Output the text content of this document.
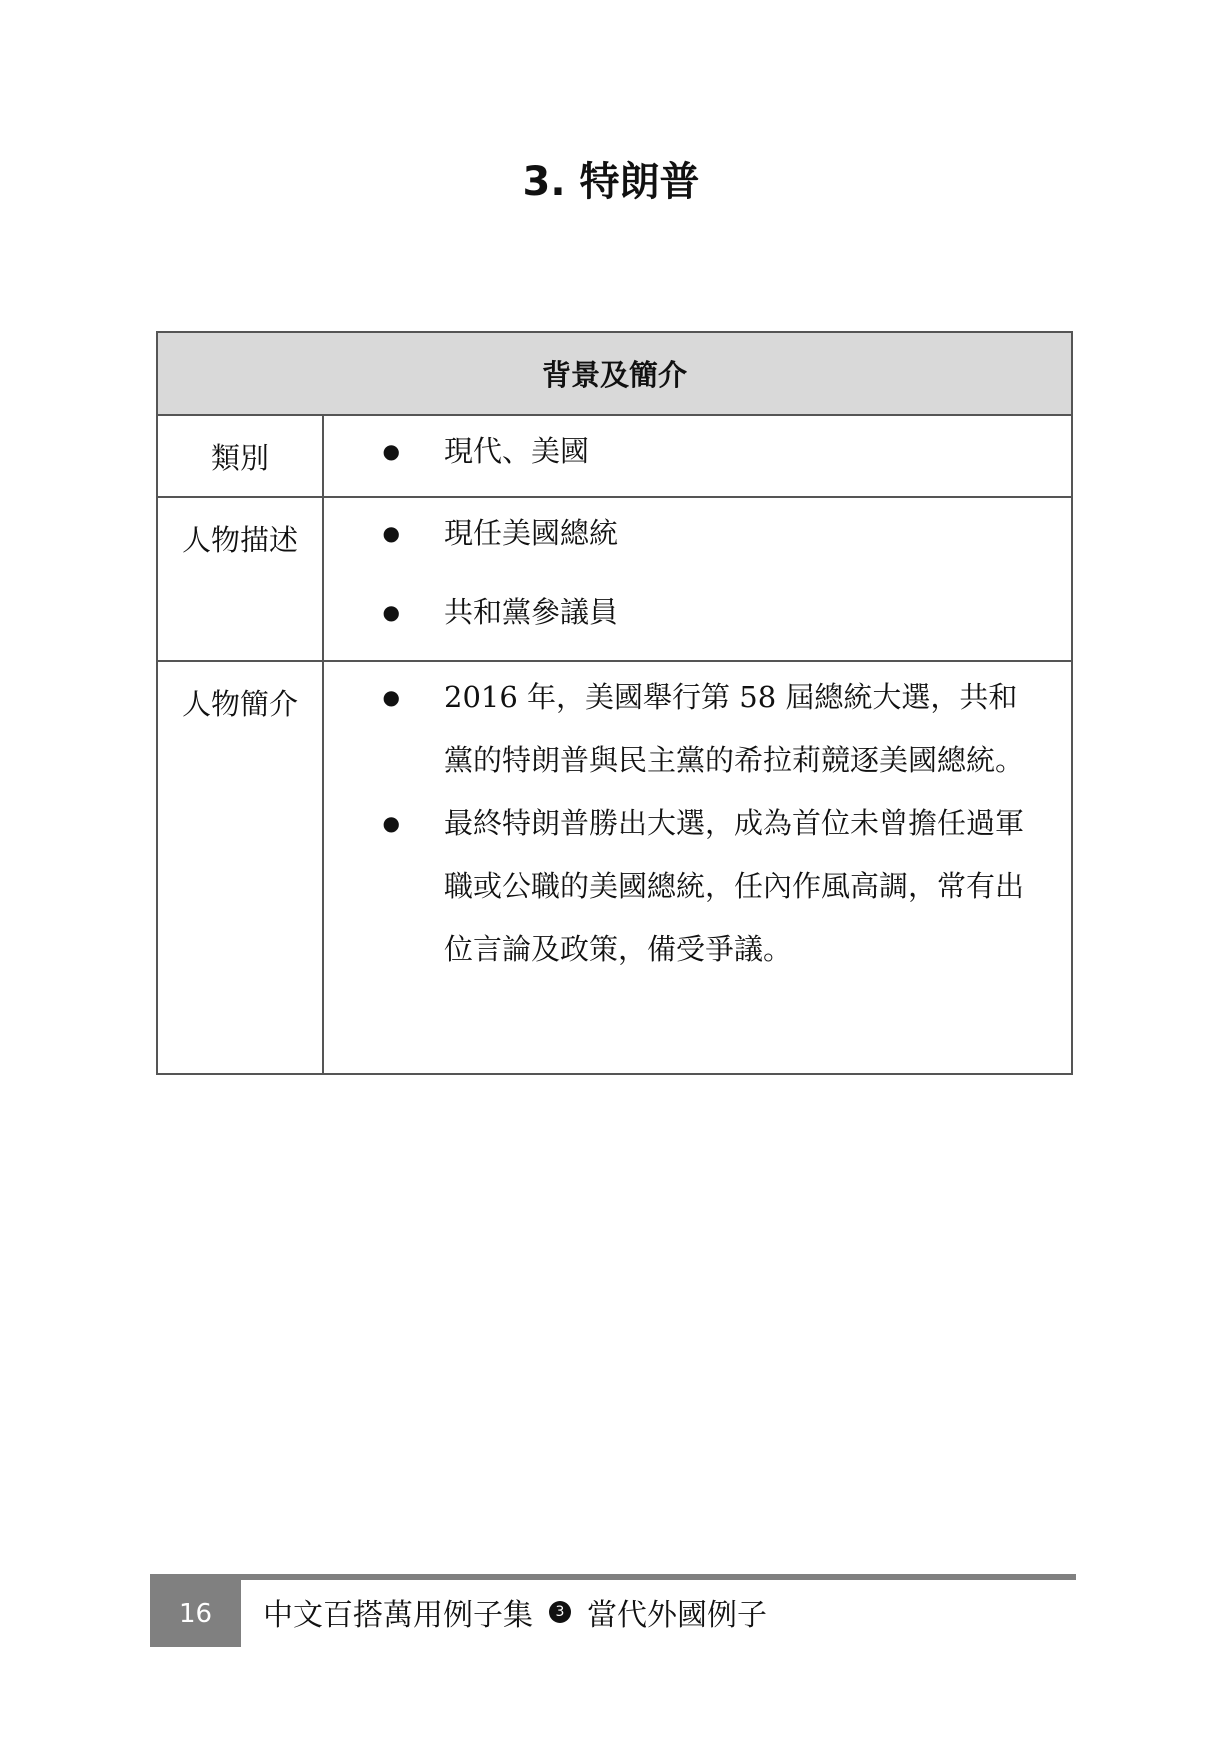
3. 特朗普
背景及簡介
類別	●	現代、美國
人物描述	●	現任美國總統
●	共和黨參議員
人物簡介	●	2016 年，美國舉行第 58 屆總統大選，共和黨的特朗普與民主黨的希拉莉競逐美國總統。
●	最終特朗普勝出大選，成為首位未曾擔任過軍職或公職的美國總統，任內作風高調，常有出位言論及政策，備受爭議。
16	中文百搭萬用例子集	3 當代外國例子
